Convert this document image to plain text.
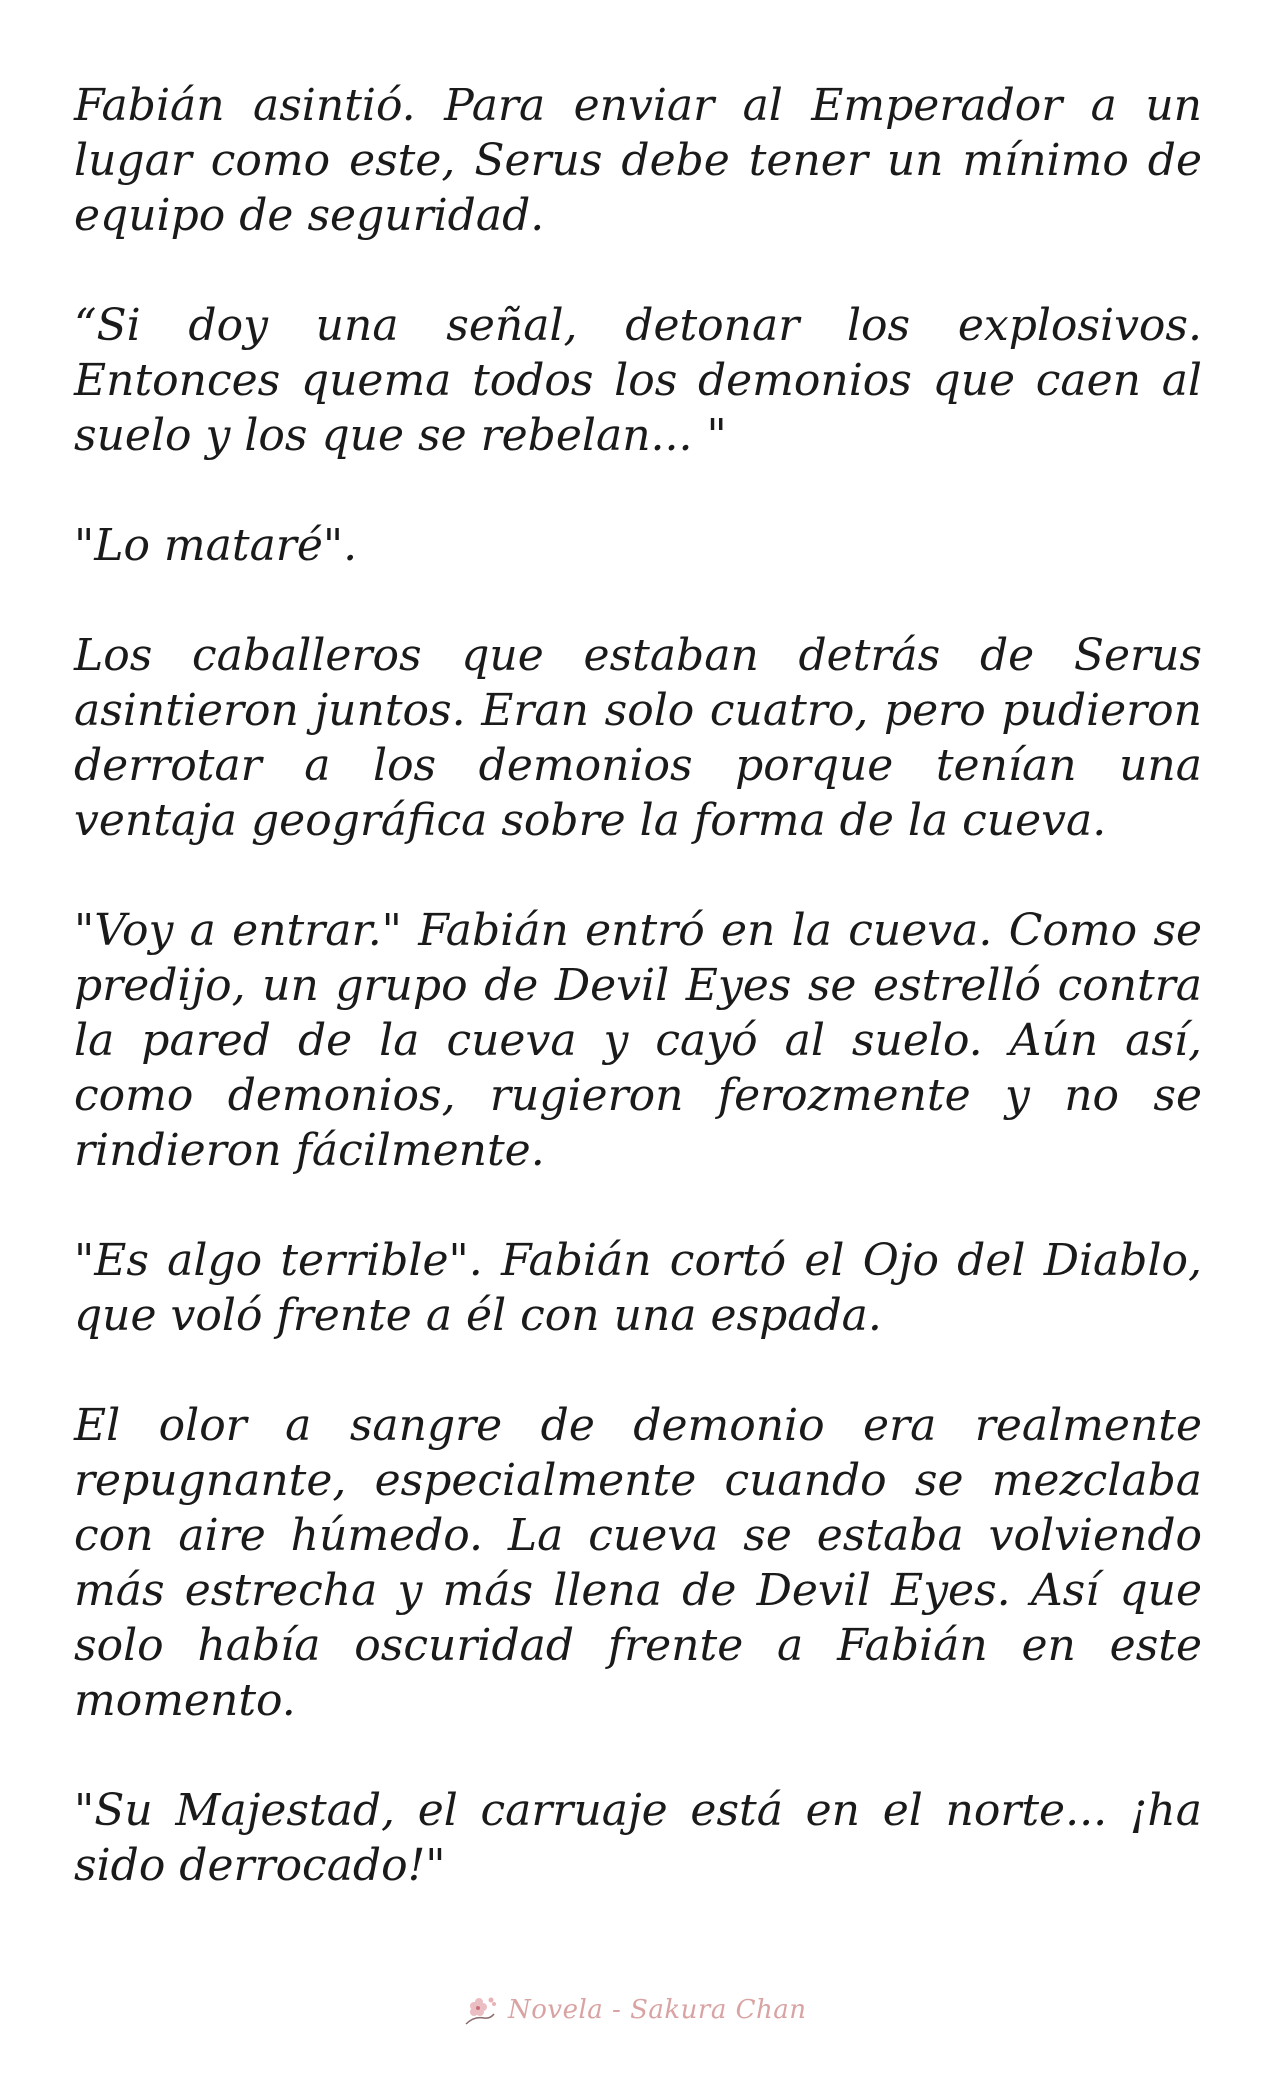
Fabián asintió. Para enviar al Emperador a un lugar como este, Serus debe tener un mínimo de equipo de seguridad.

“Si doy una señal, detonar los explosivos. Entonces quema todos los demonios que caen al suelo y los que se rebelan... "

"Lo mataré".

Los caballeros que estaban detrás de Serus asintieron juntos. Eran solo cuatro, pero pudieron derrotar a los demonios porque tenían una ventaja geográfica sobre la forma de la cueva.

"Voy a entrar." Fabián entró en la cueva. Como se predijo, un grupo de Devil Eyes se estrelló contra la pared de la cueva y cayó al suelo. Aún así, como demonios, rugieron ferozmente y no se rindieron fácilmente.

"Es algo terrible". Fabián cortó el Ojo del Diablo, que voló frente a él con una espada.

El olor a sangre de demonio era realmente repugnante, especialmente cuando se mezclaba con aire húmedo. La cueva se estaba volviendo más estrecha y más llena de Devil Eyes. Así que solo había oscuridad frente a Fabián en este momento.

"Su Majestad, el carruaje está en el norte... ¡ha sido derrocado!"

Novela - Sakura Chan
